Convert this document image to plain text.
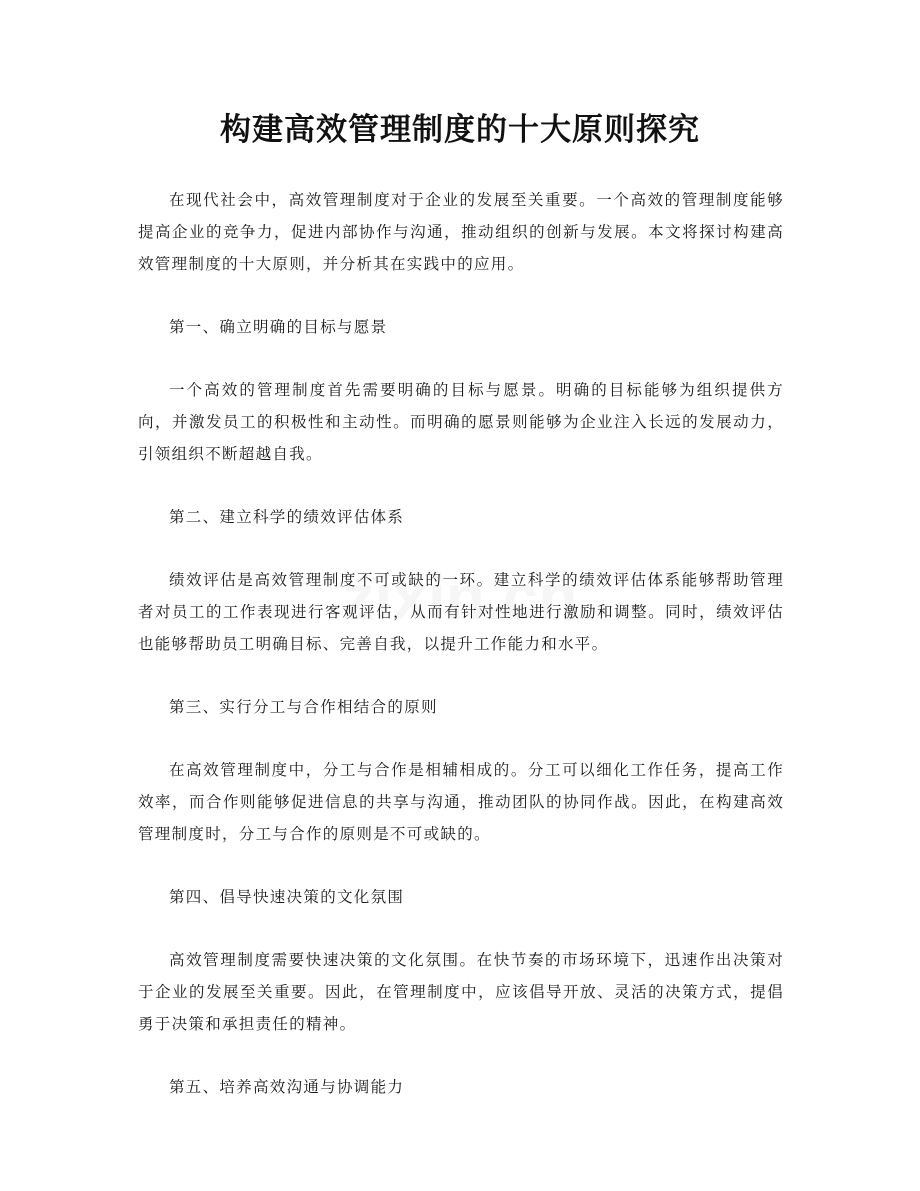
构建高效管理制度的十大原则探究

在现代社会中，高效管理制度对于企业的发展至关重要。一个高效的管理制度能够提高企业的竞争力，促进内部协作与沟通，推动组织的创新与发展。本文将探讨构建高效管理制度的十大原则，并分析其在实践中的应用。

第一、确立明确的目标与愿景

一个高效的管理制度首先需要明确的目标与愿景。明确的目标能够为组织提供方向，并激发员工的积极性和主动性。而明确的愿景则能够为企业注入长远的发展动力，引领组织不断超越自我。

第二、建立科学的绩效评估体系

绩效评估是高效管理制度不可或缺的一环。建立科学的绩效评估体系能够帮助管理者对员工的工作表现进行客观评估，从而有针对性地进行激励和调整。同时，绩效评估也能够帮助员工明确目标、完善自我，以提升工作能力和水平。

第三、实行分工与合作相结合的原则

在高效管理制度中，分工与合作是相辅相成的。分工可以细化工作任务，提高工作效率，而合作则能够促进信息的共享与沟通，推动团队的协同作战。因此，在构建高效管理制度时，分工与合作的原则是不可或缺的。

第四、倡导快速决策的文化氛围

高效管理制度需要快速决策的文化氛围。在快节奏的市场环境下，迅速作出决策对于企业的发展至关重要。因此，在管理制度中，应该倡导开放、灵活的决策方式，提倡勇于决策和承担责任的精神。

第五、培养高效沟通与协调能力
